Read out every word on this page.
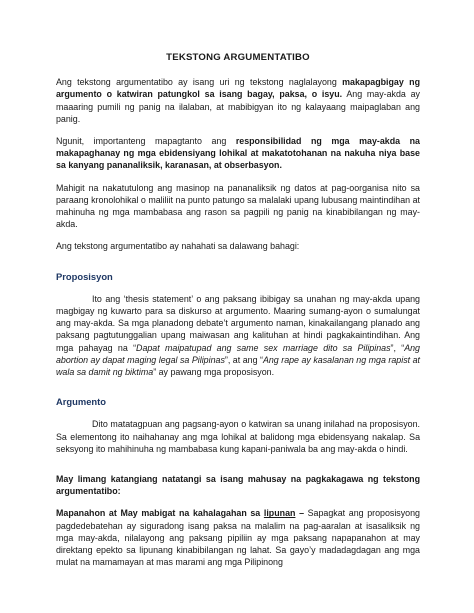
TEKSTONG ARGUMENTATIBO

Ang tekstong argumentatibo ay isang uri ng tekstong naglalayong makapagbigay ng argumento o katwiran patungkol sa isang bagay, paksa, o isyu. Ang may-akda ay maaaring pumili ng panig na ilalaban, at mabibigyan ito ng kalayaang maipaglaban ang panig.

Ngunit, importanteng mapagtanto ang responsibilidad ng mga may-akda na makapaghanay ng mga ebidensiyang lohikal at makatotohanan na nakuha niya base sa kanyang pananaliksik, karanasan, at obserbasyon.

Mahigit na nakatutulong ang masinop na pananaliksik ng datos at pag-oorganisa nito sa paraang kronolohikal o maliliit na punto patungo sa malalaki upang lubusang maintindihan at mahinuha ng mga mambabasa ang rason sa pagpili ng panig na kinabibilangan ng may-akda.

Ang tekstong argumentatibo ay nahahati sa dalawang bahagi:

Proposisyon

Ito ang ‘thesis statement’ o ang paksang ibibigay sa unahan ng may-akda upang magbigay ng kuwarto para sa diskurso at argumento. Maaring sumang-ayon o sumalungat ang may-akda. Sa mga planadong debate’t argumento naman, kinakailangang planado ang paksang pagtutunggalian upang maiwasan ang kalituhan at hindi pagkakaintindihan. Ang mga pahayag na “Dapat maipatupad ang same sex marriage dito sa Pilipinas”, “Ang abortion ay dapat maging legal sa Pilipinas”, at ang “Ang rape ay kasalanan ng mga rapist at wala sa damit ng biktima” ay pawang mga proposisyon.

Argumento

Dito matatagpuan ang pagsang-ayon o katwiran sa unang inilahad na proposisyon. Sa elementong ito naihahanay ang mga lohikal at balidong mga ebidensyang nakalap. Sa seksyong ito mahihinuha ng mambabasa kung kapani-paniwala ba ang may-akda o hindi.

May limang katangiang natatangi sa isang mahusay na pagkakagawa ng tekstong argumentatibo:

Mapanahon at May mabigat na kahalagahan sa lipunan – Sapagkat ang proposisyong pagdedebatehan ay siguradong isang paksa na malalim na pag-aaralan at isasaliksik ng mga may-akda, nilalayong ang paksang pipiliin ay mga paksang napapanahon at may direktang epekto sa lipunang kinabibilangan ng lahat. Sa gayo’y madadagdagan ang mga mulat na mamamayan at mas marami ang mga Pilipinong
